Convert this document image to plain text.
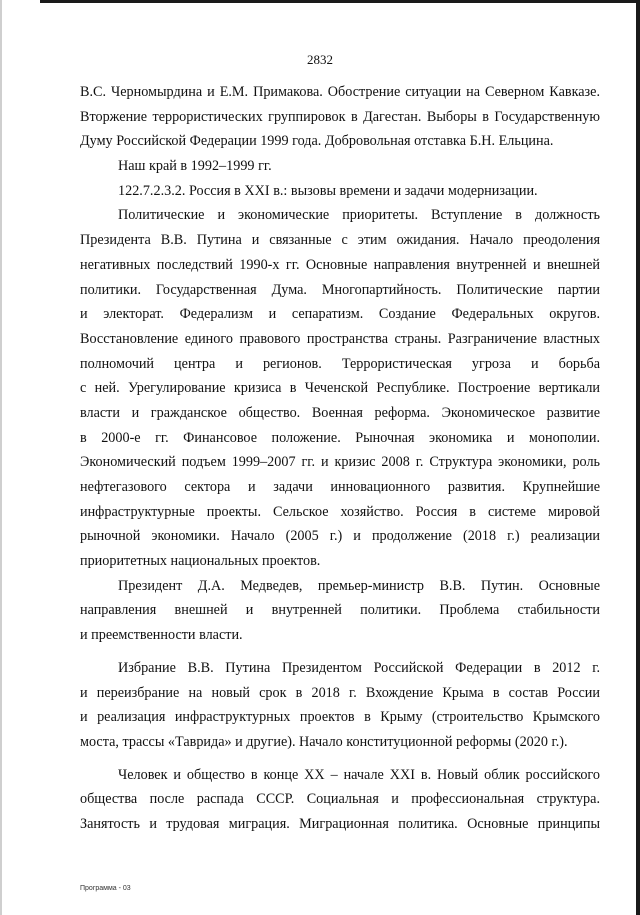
2832
В.С. Черномырдина и Е.М. Примакова. Обострение ситуации на Северном Кавказе.
Вторжение террористических группировок в Дагестан. Выборы в Государственную
Думу Российской Федерации 1999 года. Добровольная отставка Б.Н. Ельцина.
Наш край в 1992–1999 гг.
122.7.2.3.2. Россия в XXI в.: вызовы времени и задачи модернизации.
Политические и экономические приоритеты. Вступление в должность
Президента В.В. Путина и связанные с этим ожидания. Начало преодоления
негативных последствий 1990-х гг. Основные направления внутренней и внешней
политики. Государственная Дума. Многопартийность. Политические партии
и электорат. Федерализм и сепаратизм. Создание Федеральных округов.
Восстановление единого правового пространства страны. Разграничение властных
полномочий центра и регионов. Террористическая угроза и борьба
с ней. Урегулирование кризиса в Чеченской Республике. Построение вертикали
власти и гражданское общество. Военная реформа. Экономическое развитие
в 2000-е гг. Финансовое положение. Рыночная экономика и монополии.
Экономический подъем 1999–2007 гг. и кризис 2008 г. Структура экономики, роль
нефтегазового сектора и задачи инновационного развития. Крупнейшие
инфраструктурные проекты. Сельское хозяйство. Россия в системе мировой
рыночной экономики. Начало (2005 г.) и продолжение (2018 г.) реализации
приоритетных национальных проектов.
Президент Д.А. Медведев, премьер-министр В.В. Путин. Основные
направления внешней и внутренней политики. Проблема стабильности
и преемственности власти.
Избрание В.В. Путина Президентом Российской Федерации в 2012 г.
и переизбрание на новый срок в 2018 г. Вхождение Крыма в состав России
и реализация инфраструктурных проектов в Крыму (строительство Крымского
моста, трассы «Таврида» и другие). Начало конституционной реформы (2020 г.).
Человек и общество в конце XX – начале XXI в. Новый облик российского
общества после распада СССР. Социальная и профессиональная структура.
Занятость и трудовая миграция. Миграционная политика. Основные принципы
Программа - 03
